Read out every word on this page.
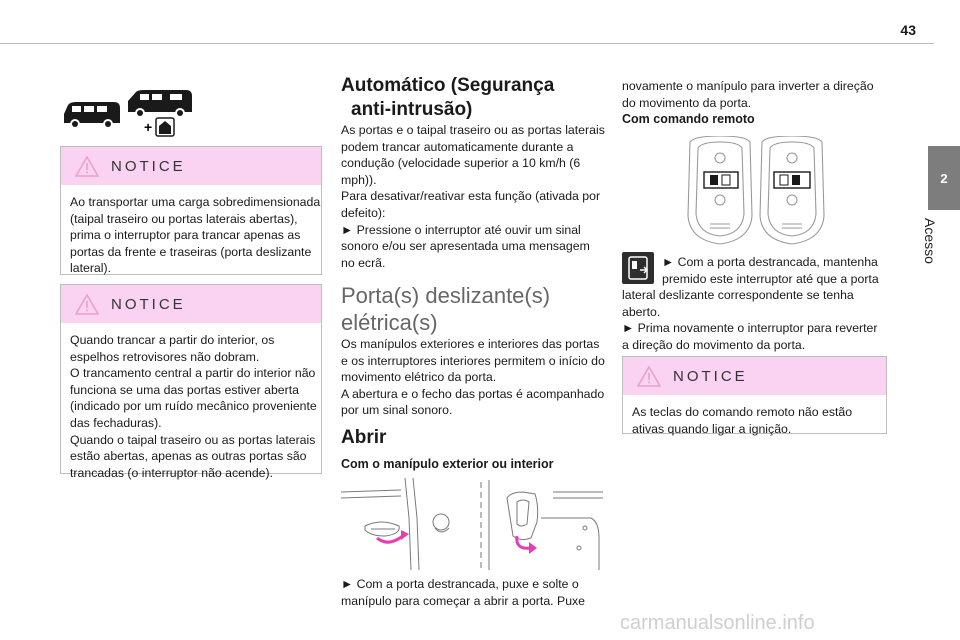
43
2
Acesso
+
NOTICE
Ao transportar uma carga sobredimensionada
(taipal traseiro ou portas laterais abertas),
prima o interruptor para trancar apenas as
portas da frente e traseiras (porta deslizante
lateral).
NOTICE
Quando trancar a partir do interior, os
espelhos retrovisores não dobram.
O trancamento central a partir do interior não
funciona se uma das portas estiver aberta
(indicado por um ruído mecânico proveniente
das fechaduras).
Quando o taipal traseiro ou as portas laterais
estão abertas, apenas as outras portas são
trancadas (o interruptor não acende).
Automático (Segurança
anti-intrusão)
As portas e o taipal traseiro ou as portas laterais
podem trancar automaticamente durante a
condução (velocidade superior a 10 km/h (6
mph)).
Para desativar/reativar esta função (ativada por
defeito):
► Pressione o interruptor até ouvir um sinal
sonoro e/ou ser apresentada uma mensagem
no ecrã.
Porta(s) deslizante(s)
elétrica(s)
Os manípulos exteriores e interiores das portas
e os interruptores interiores permitem o início do
movimento elétrico da porta.
A abertura e o fecho das portas é acompanhado
por um sinal sonoro.
Abrir
Com o manípulo exterior ou interior
► Com a porta destrancada, puxe e solte o
manípulo para começar a abrir a porta. Puxe
novamente o manípulo para inverter a direção
do movimento da porta.
Com comando remoto
► Com a porta destrancada, mantenha
premido este interruptor até que a porta
lateral deslizante correspondente se tenha
aberto.
► Prima novamente o interruptor para reverter
a direção do movimento da porta.
NOTICE
As teclas do comando remoto não estão
ativas quando ligar a ignição.
carmanualsonline.info
